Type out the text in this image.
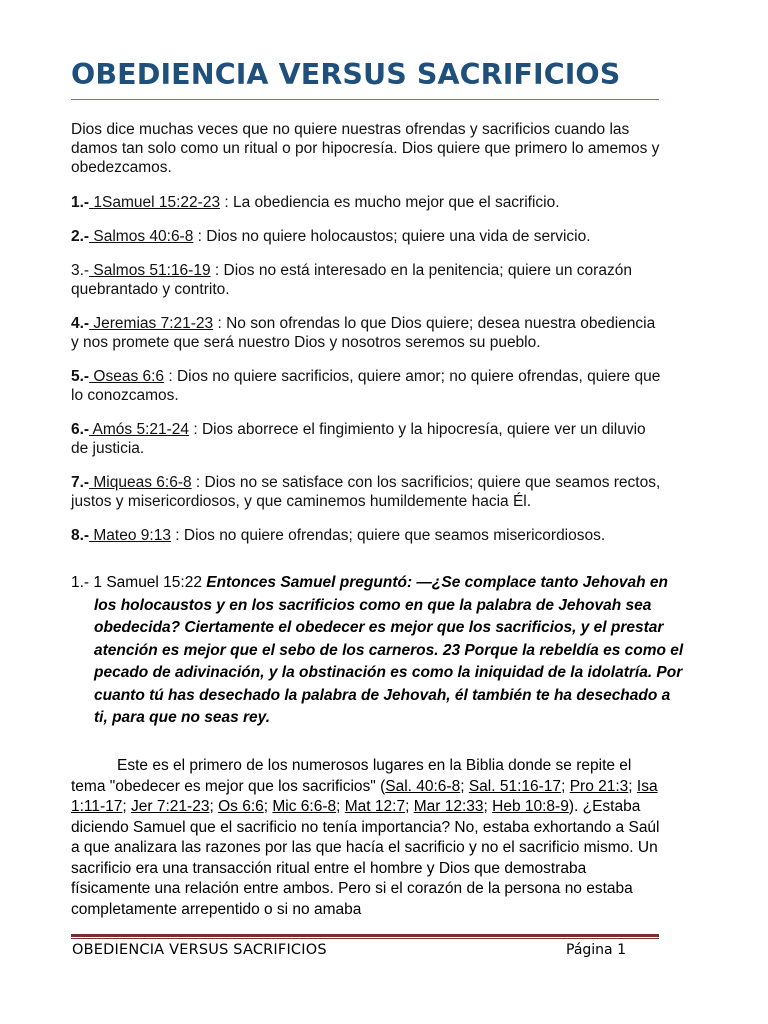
OBEDIENCIA VERSUS SACRIFICIOS
Dios dice muchas veces que no quiere nuestras ofrendas y sacrificios cuando las damos tan solo como un ritual o por hipocresía. Dios quiere que primero lo amemos y obedezcamos.
1.- 1Samuel 15:22-23 : La obediencia es mucho mejor que el sacrificio.
2.- Salmos 40:6-8 : Dios no quiere holocaustos; quiere una vida de servicio.
3.- Salmos 51:16-19 : Dios no está interesado en la penitencia; quiere un corazón quebrantado y contrito.
4.- Jeremias 7:21-23 : No son ofrendas lo que Dios quiere; desea nuestra obediencia y nos promete que será nuestro Dios y nosotros seremos su pueblo.
5.- Oseas 6:6 : Dios no quiere sacrificios, quiere amor; no quiere ofrendas, quiere que lo conozcamos.
6.- Amós 5:21-24 : Dios aborrece el fingimiento y la hipocresía, quiere ver un diluvio de justicia.
7.- Miqueas 6:6-8 : Dios no se satisface con los sacrificios; quiere que seamos rectos, justos y misericordiosos, y que caminemos humildemente hacia Él.
8.- Mateo 9:13 : Dios no quiere ofrendas; quiere que seamos misericordiosos.
1.- 1 Samuel 15:22 Entonces Samuel preguntó: —¿Se complace tanto Jehovah en los holocaustos y en los sacrificios como en que la palabra de Jehovah sea obedecida? Ciertamente el obedecer es mejor que los sacrificios, y el prestar atención es mejor que el sebo de los carneros. 23 Porque la rebeldía es como el pecado de adivinación, y la obstinación es como la iniquidad de la idolatría. Por cuanto tú has desechado la palabra de Jehovah, él también te ha desechado a ti, para que no seas rey.
Este es el primero de los numerosos lugares en la Biblia donde se repite el tema "obedecer es mejor que los sacrificios" (Sal. 40:6-8; Sal. 51:16-17; Pro 21:3; Isa 1:11-17; Jer 7:21-23; Os 6:6; Mic 6:6-8; Mat 12:7; Mar 12:33; Heb 10:8-9). ¿Estaba diciendo Samuel que el sacrificio no tenía importancia? No, estaba exhortando a Saúl a que analizara las razones por las que hacía el sacrificio y no el sacrificio mismo. Un sacrificio era una transacción ritual entre el hombre y Dios que demostraba físicamente una relación entre ambos. Pero si el corazón de la persona no estaba completamente arrepentido o si no amaba
OBEDIENCIA VERSUS SACRIFICIOS	Página 1
